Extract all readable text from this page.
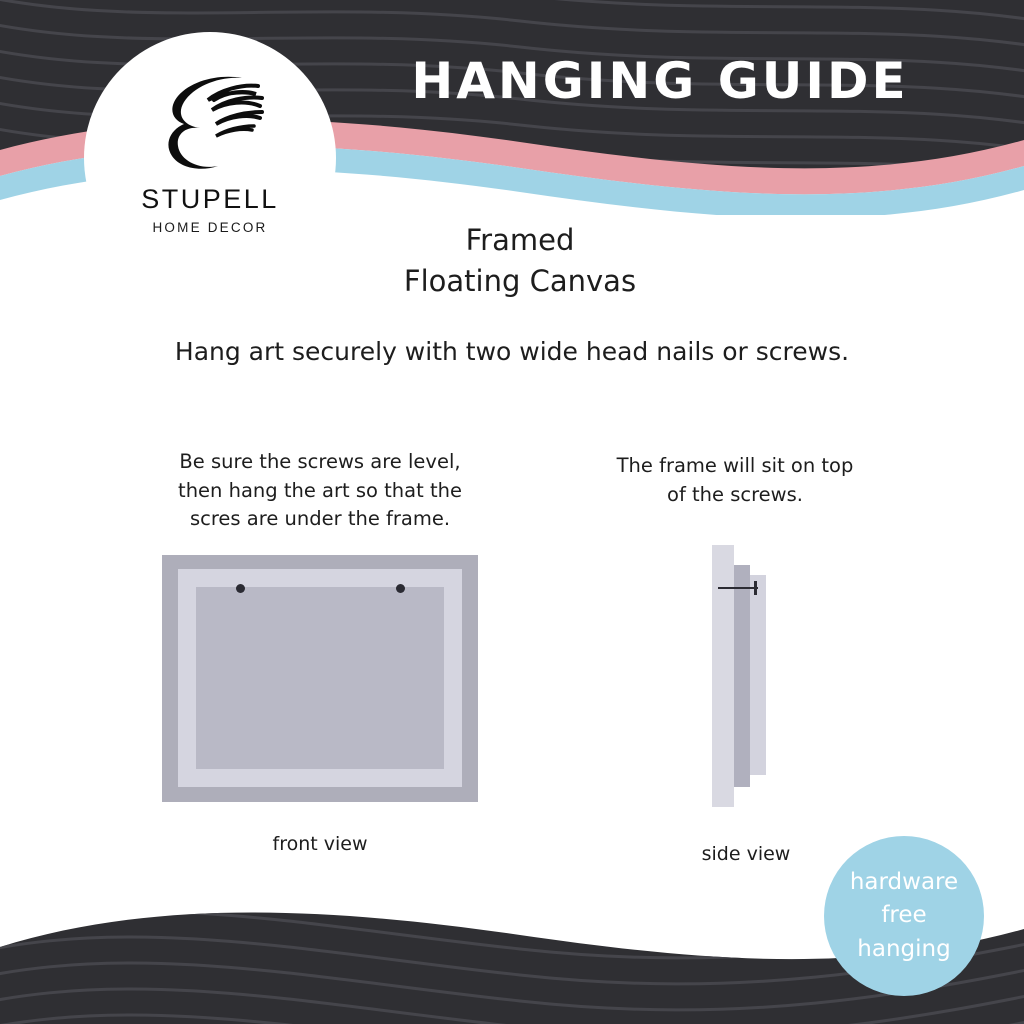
STUPELL
HOME DECOR
HANGING GUIDE
Framed
Floating Canvas
Hang art securely with two wide head nails or screws.
Be sure the screws are level,
then hang the art so that the
scres are under the frame.
The frame will sit on top
of the screws.
front view	side view
hardware
free
hanging
